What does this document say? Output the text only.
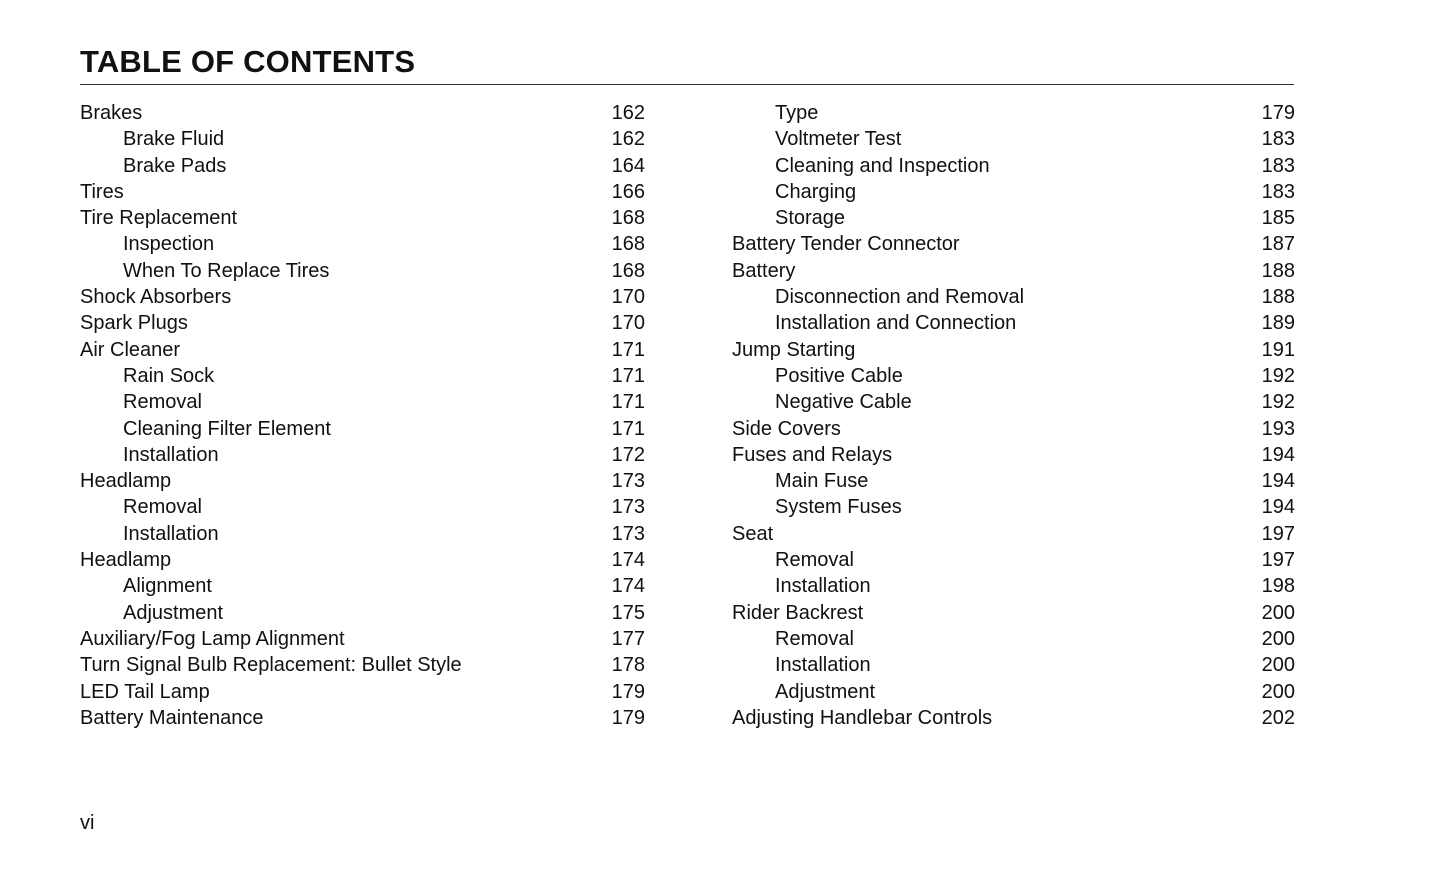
TABLE OF CONTENTS
Brakes	162
Brake Fluid	162
Brake Pads	164
Tires	166
Tire Replacement	168
Inspection	168
When To Replace Tires	168
Shock Absorbers	170
Spark Plugs	170
Air Cleaner	171
Rain Sock	171
Removal	171
Cleaning Filter Element	171
Installation	172
Headlamp	173
Removal	173
Installation	173
Headlamp	174
Alignment	174
Adjustment	175
Auxiliary/Fog Lamp Alignment	177
Turn Signal Bulb Replacement: Bullet Style	178
LED Tail Lamp	179
Battery Maintenance	179
Type	179
Voltmeter Test	183
Cleaning and Inspection	183
Charging	183
Storage	185
Battery Tender Connector	187
Battery	188
Disconnection and Removal	188
Installation and Connection	189
Jump Starting	191
Positive Cable	192
Negative Cable	192
Side Covers	193
Fuses and Relays	194
Main Fuse	194
System Fuses	194
Seat	197
Removal	197
Installation	198
Rider Backrest	200
Removal	200
Installation	200
Adjustment	200
Adjusting Handlebar Controls	202

vi
